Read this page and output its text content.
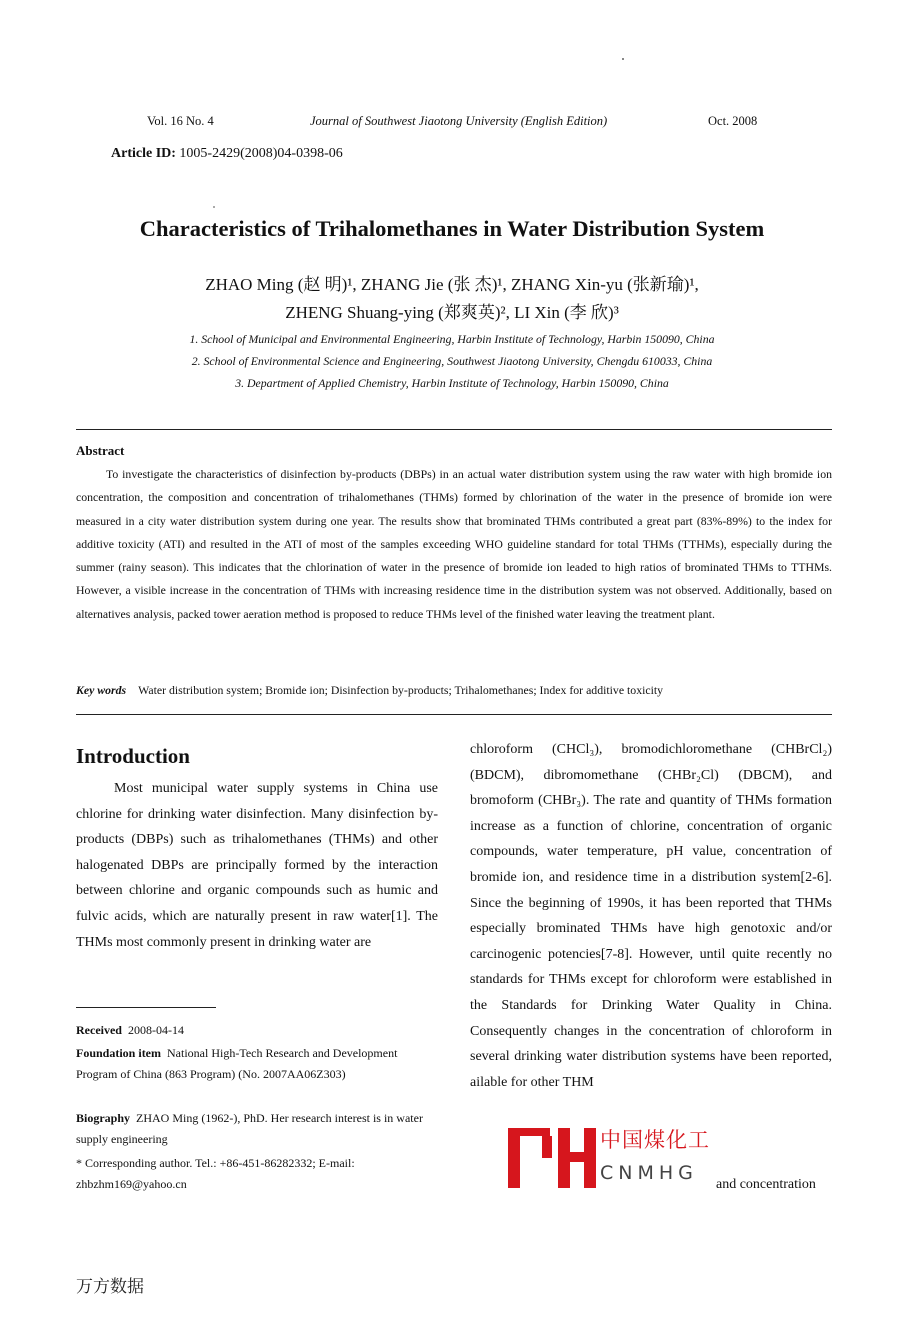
Vol. 16 No. 4	Journal of Southwest Jiaotong University (English Edition)	Oct. 2008
Article ID: 1005-2429(2008)04-0398-06
Characteristics of Trihalomethanes in Water Distribution System
ZHAO Ming (赵 明)¹, ZHANG Jie (张 杰)¹, ZHANG Xin-yu (张新瑜)¹,
ZHENG Shuang-ying (郑爽英)², LI Xin (李 欣)³
1. School of Municipal and Environmental Engineering, Harbin Institute of Technology, Harbin 150090, China
2. School of Environmental Science and Engineering, Southwest Jiaotong University, Chengdu 610033, China
3. Department of Applied Chemistry, Harbin Institute of Technology, Harbin 150090, China
Abstract
To investigate the characteristics of disinfection by-products (DBPs) in an actual water distribution system using the raw water with high bromide ion concentration, the composition and concentration of trihalomethanes (THMs) formed by chlorination of the water in the presence of bromide ion were measured in a city water distribution system during one year. The results show that brominated THMs contributed a great part (83%-89%) to the index for additive toxicity (ATI) and resulted in the ATI of most of the samples exceeding WHO guideline standard for total THMs (TTHMs), especially during the summer (rainy season). This indicates that the chlorination of water in the presence of bromide ion leaded to high ratios of brominated THMs to TTHMs. However, a visible increase in the concentration of THMs with increasing residence time in the distribution system was not observed. Additionally, based on alternatives analysis, packed tower aeration method is proposed to reduce THMs level of the finished water leaving the treatment plant.
Key words Water distribution system; Bromide ion; Disinfection by-products; Trihalomethanes; Index for additive toxicity
Introduction
Most municipal water supply systems in China use chlorine for drinking water disinfection. Many disinfection by-products (DBPs) such as trihalomethanes (THMs) and other halogenated DBPs are principally formed by the interaction between chlorine and organic compounds such as humic and fulvic acids, which are naturally present in raw water[1]. The THMs most commonly present in drinking water are
chloroform (CHCl₃), bromodichloromethane (CHBrCl₂) (BDCM), dibromomethane (CHBr₂Cl) (DBCM), and bromoform (CHBr₃). The rate and quantity of THMs formation increase as a function of chlorine, concentration of organic compounds, water temperature, pH value, concentration of bromide ion, and residence time in a distribution system[2-6]. Since the beginning of 1990s, it has been reported that THMs especially brominated THMs have high genotoxic and/or carcinogenic potencies[7-8]. However, until quite recently no standards for THMs except for chloroform were established in the Standards for Drinking Water Quality in China. Consequently changes in the concentration of chloroform in several drinking water distribution systems have been reported, ailable for other THM
and concentration
Received 2008-04-14
Foundation item National High-Tech Research and Development Program of China (863 Program) (No. 2007AA06Z303)
Biography ZHAO Ming (1962-), PhD. Her research interest is in water supply engineering
* Corresponding author. Tel.: +86-451-86282332; E-mail: zhbzhm169@yahoo.cn
中国煤化工
CNMHG
万方数据
